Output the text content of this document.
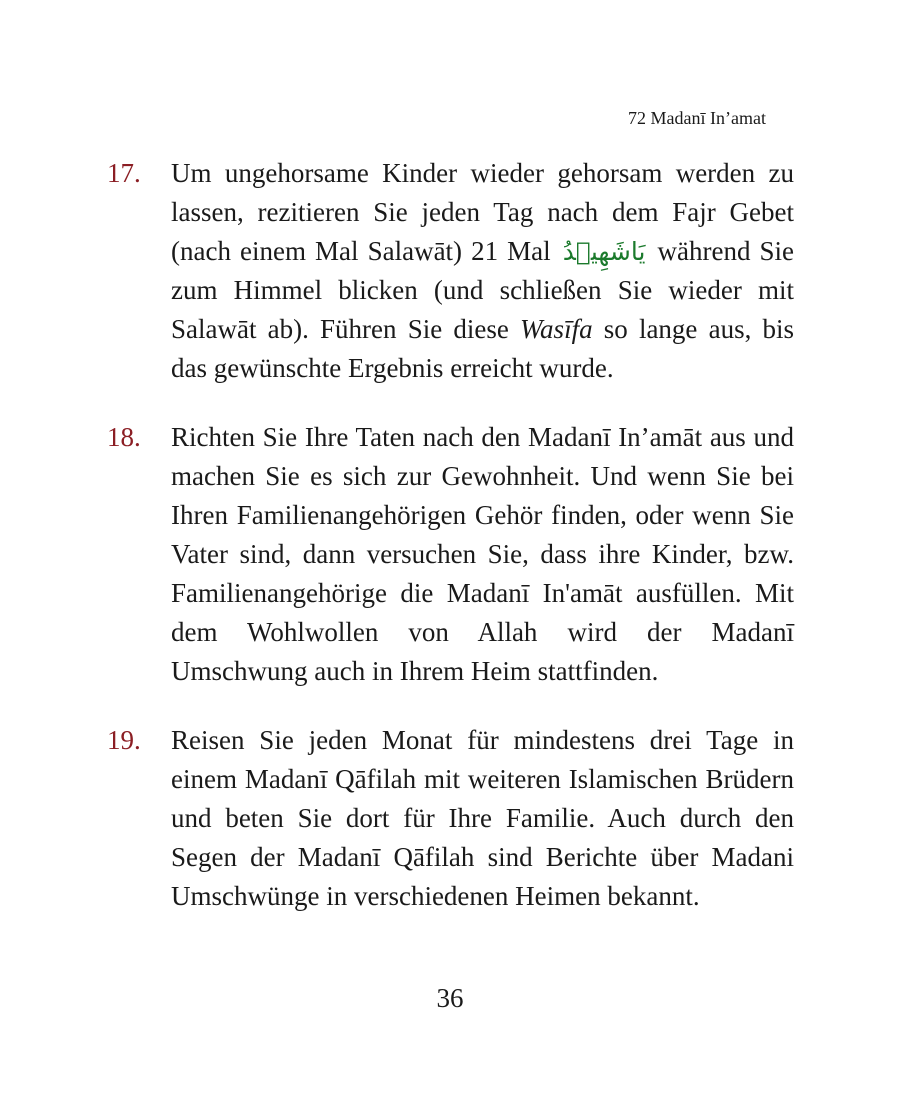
72 Madanī In’amat
17. Um ungehorsame Kinder wieder gehorsam werden zu lassen, rezitieren Sie jeden Tag nach dem Fajr Gebet (nach einem Mal Salawāt) 21 Mal يَاشَهِيۡدُ während Sie zum Himmel blicken (und schließen Sie wieder mit Salawāt ab). Führen Sie diese Wasīfa so lange aus, bis das gewünschte Ergebnis erreicht wurde.
18. Richten Sie Ihre Taten nach den Madanī In’amāt aus und machen Sie es sich zur Gewohnheit. Und wenn Sie bei Ihren Familienangehörigen Gehör finden, oder wenn Sie Vater sind, dann versuchen Sie, dass ihre Kinder, bzw. Familienangehörige die Madanī In'amāt ausfüllen. Mit dem Wohlwollen von Allah wird der Madanī Umschwung auch in Ihrem Heim stattfinden.
19. Reisen Sie jeden Monat für mindestens drei Tage in einem Madanī Qāfilah mit weiteren Islamischen Brüdern und beten Sie dort für Ihre Familie. Auch durch den Segen der Madanī Qāfilah sind Berichte über Madani Umschwünge in verschiedenen Heimen bekannt.
36
